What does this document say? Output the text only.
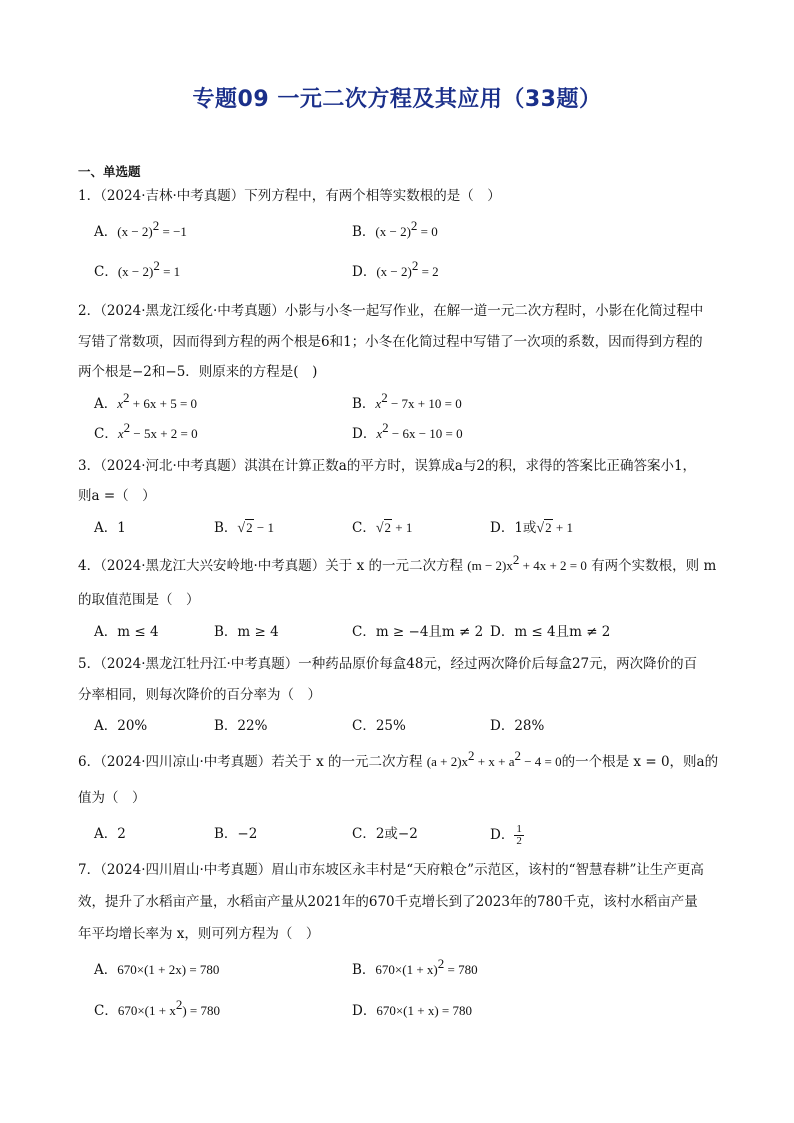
专题09 一元二次方程及其应用（33题）
一、单选题
1．（2024·吉林·中考真题）下列方程中，有两个相等实数根的是（　）
A．$(x - 2)^2 = -1$	B．$(x - 2)^2 = 0$
C．$(x - 2)^2 = 1$	D．$(x - 2)^2 = 2$
2．（2024·黑龙江绥化·中考真题）小影与小冬一起写作业，在解一道一元二次方程时，小影在化简过程中
写错了常数项，因而得到方程的两个根是6和1；小冬在化简过程中写错了一次项的系数，因而得到方程的
两个根是−2和−5．则原来的方程是(　)
A．$x^2 + 6x + 5 = 0$	B．$x^2 - 7x + 10 = 0$
C．$x^2 - 5x + 2 = 0$	D．$x^2 - 6x - 10 = 0$
3．（2024·河北·中考真题）淇淇在计算正数a的平方时，误算成a与2的积，求得的答案比正确答案小1，
则a =（　）
A．1	B．√2 − 1	C．√2 + 1	D．1或√2 + 1
4．（2024·黑龙江大兴安岭地·中考真题）关于 x 的一元二次方程 $(m - 2)x^2 + 4x + 2 = 0$ 有两个实数根，则 m
的取值范围是（　）
A．m ≤ 4	B．m ≥ 4	C．m ≥ −4且m ≠ 2 D．m ≤ 4且m ≠ 2
5．（2024·黑龙江牡丹江·中考真题）一种药品原价每盒48元，经过两次降价后每盒27元，两次降价的百
分率相同，则每次降价的百分率为（　）
A．20%	B．22%	C．25%	D．28%
6．（2024·四川凉山·中考真题）若关于 x 的一元二次方程 $(a + 2)x^2 + x + a^2 - 4 = 0$的一个根是 x = 0，则a的
值为（　）
A．2	B．−2	C．2或−2	D． $\frac{1}{2}$
7．（2024·四川眉山·中考真题）眉山市东坡区永丰村是“天府粮仓”示范区，该村的“智慧春耕”让生产更高
效，提升了水稻亩产量，水稻亩产量从2021年的670千克增长到了2023年的780千克，该村水稻亩产量
年平均增长率为 x，则可列方程为（　）
A．670×(1 + 2x) = 780	B．$670\times(1 + x)^2 = 780$
C．$670\times(1 + x^2) = 780$	D．670×(1 + x) = 780
